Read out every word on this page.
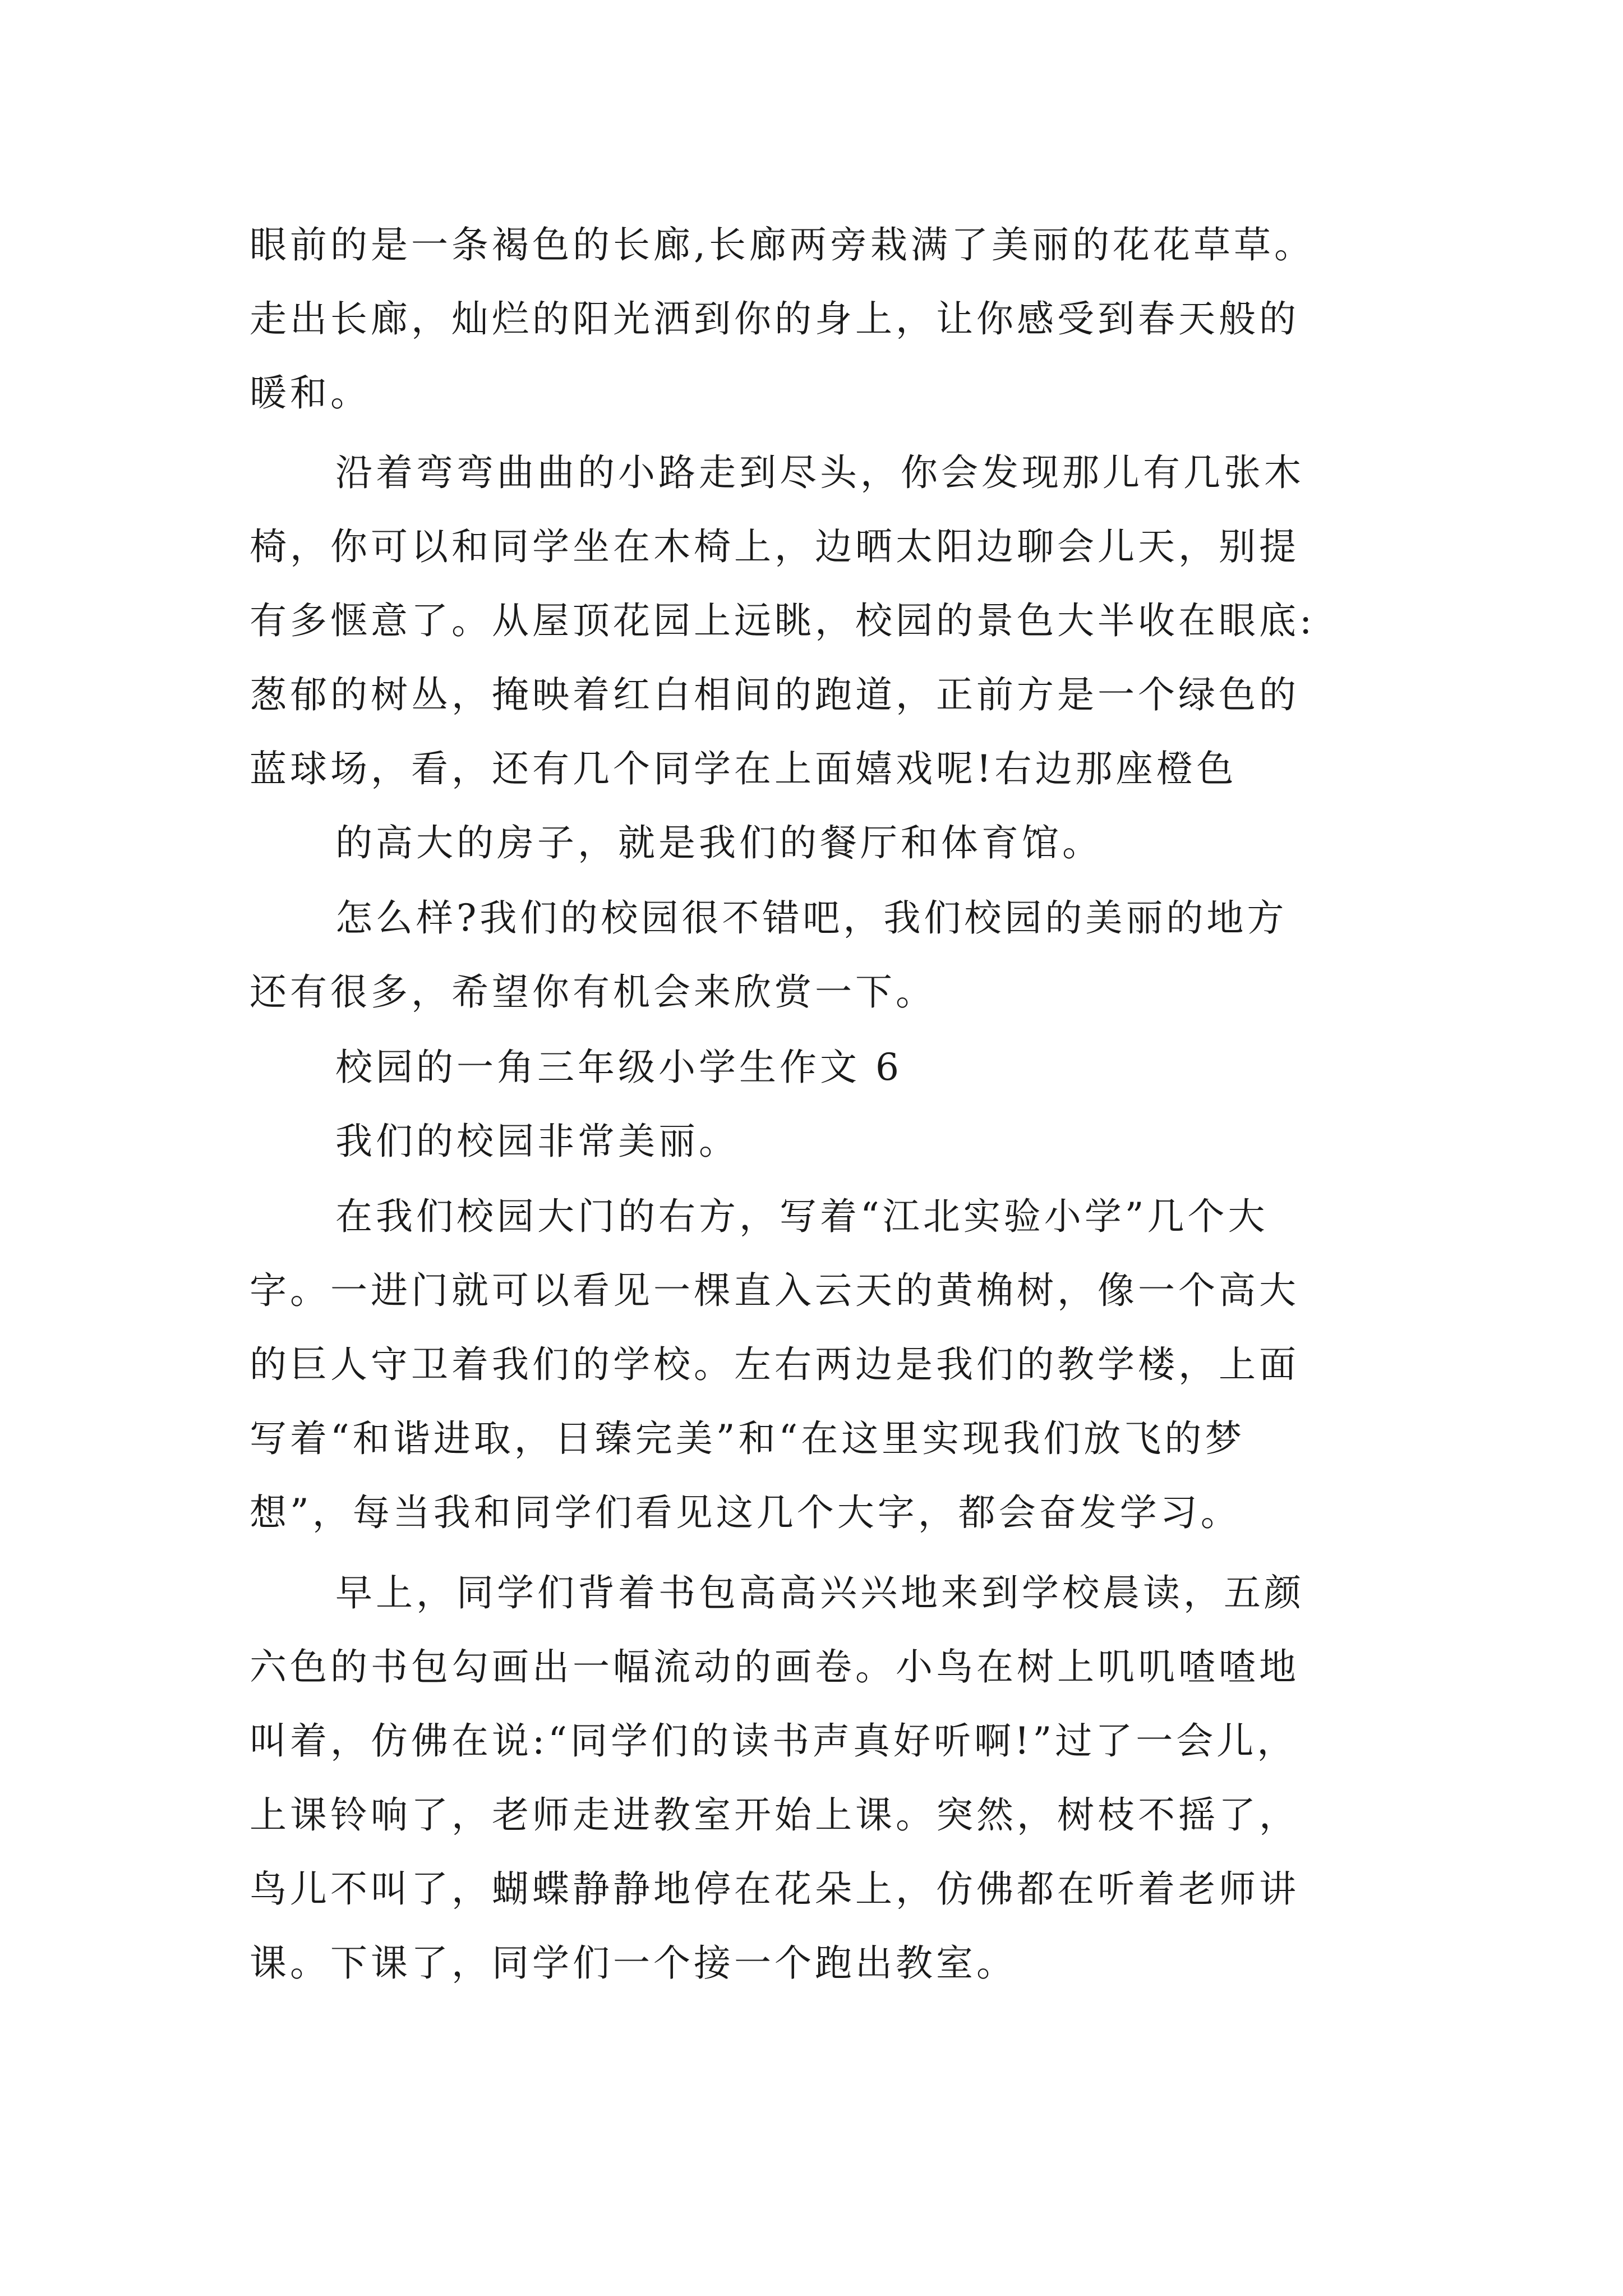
眼前的是一条褐色的长廊,长廊两旁栽满了美丽的花花草草。
走出长廊，灿烂的阳光洒到你的身上，让你感受到春天般的
暖和。
沿着弯弯曲曲的小路走到尽头，你会发现那儿有几张木
椅，你可以和同学坐在木椅上，边晒太阳边聊会儿天，别提
有多惬意了。从屋顶花园上远眺，校园的景色大半收在眼底:
葱郁的树丛，掩映着红白相间的跑道，正前方是一个绿色的
蓝球场，看，还有几个同学在上面嬉戏呢!右边那座橙色
的高大的房子，就是我们的餐厅和体育馆。
怎么样?我们的校园很不错吧，我们校园的美丽的地方
还有很多，希望你有机会来欣赏一下。
校园的一角三年级小学生作文 6
我们的校园非常美丽。
在我们校园大门的右方，写着“江北实验小学”几个大
字。一进门就可以看见一棵直入云天的黄桷树，像一个高大
的巨人守卫着我们的学校。左右两边是我们的教学楼，上面
写着“和谐进取，日臻完美”和“在这里实现我们放飞的梦
想”，每当我和同学们看见这几个大字，都会奋发学习。
早上，同学们背着书包高高兴兴地来到学校晨读，五颜
六色的书包勾画出一幅流动的画卷。小鸟在树上叽叽喳喳地
叫着，仿佛在说:“同学们的读书声真好听啊!”过了一会儿，
上课铃响了，老师走进教室开始上课。突然，树枝不摇了，
鸟儿不叫了，蝴蝶静静地停在花朵上，仿佛都在听着老师讲
课。下课了，同学们一个接一个跑出教室。
